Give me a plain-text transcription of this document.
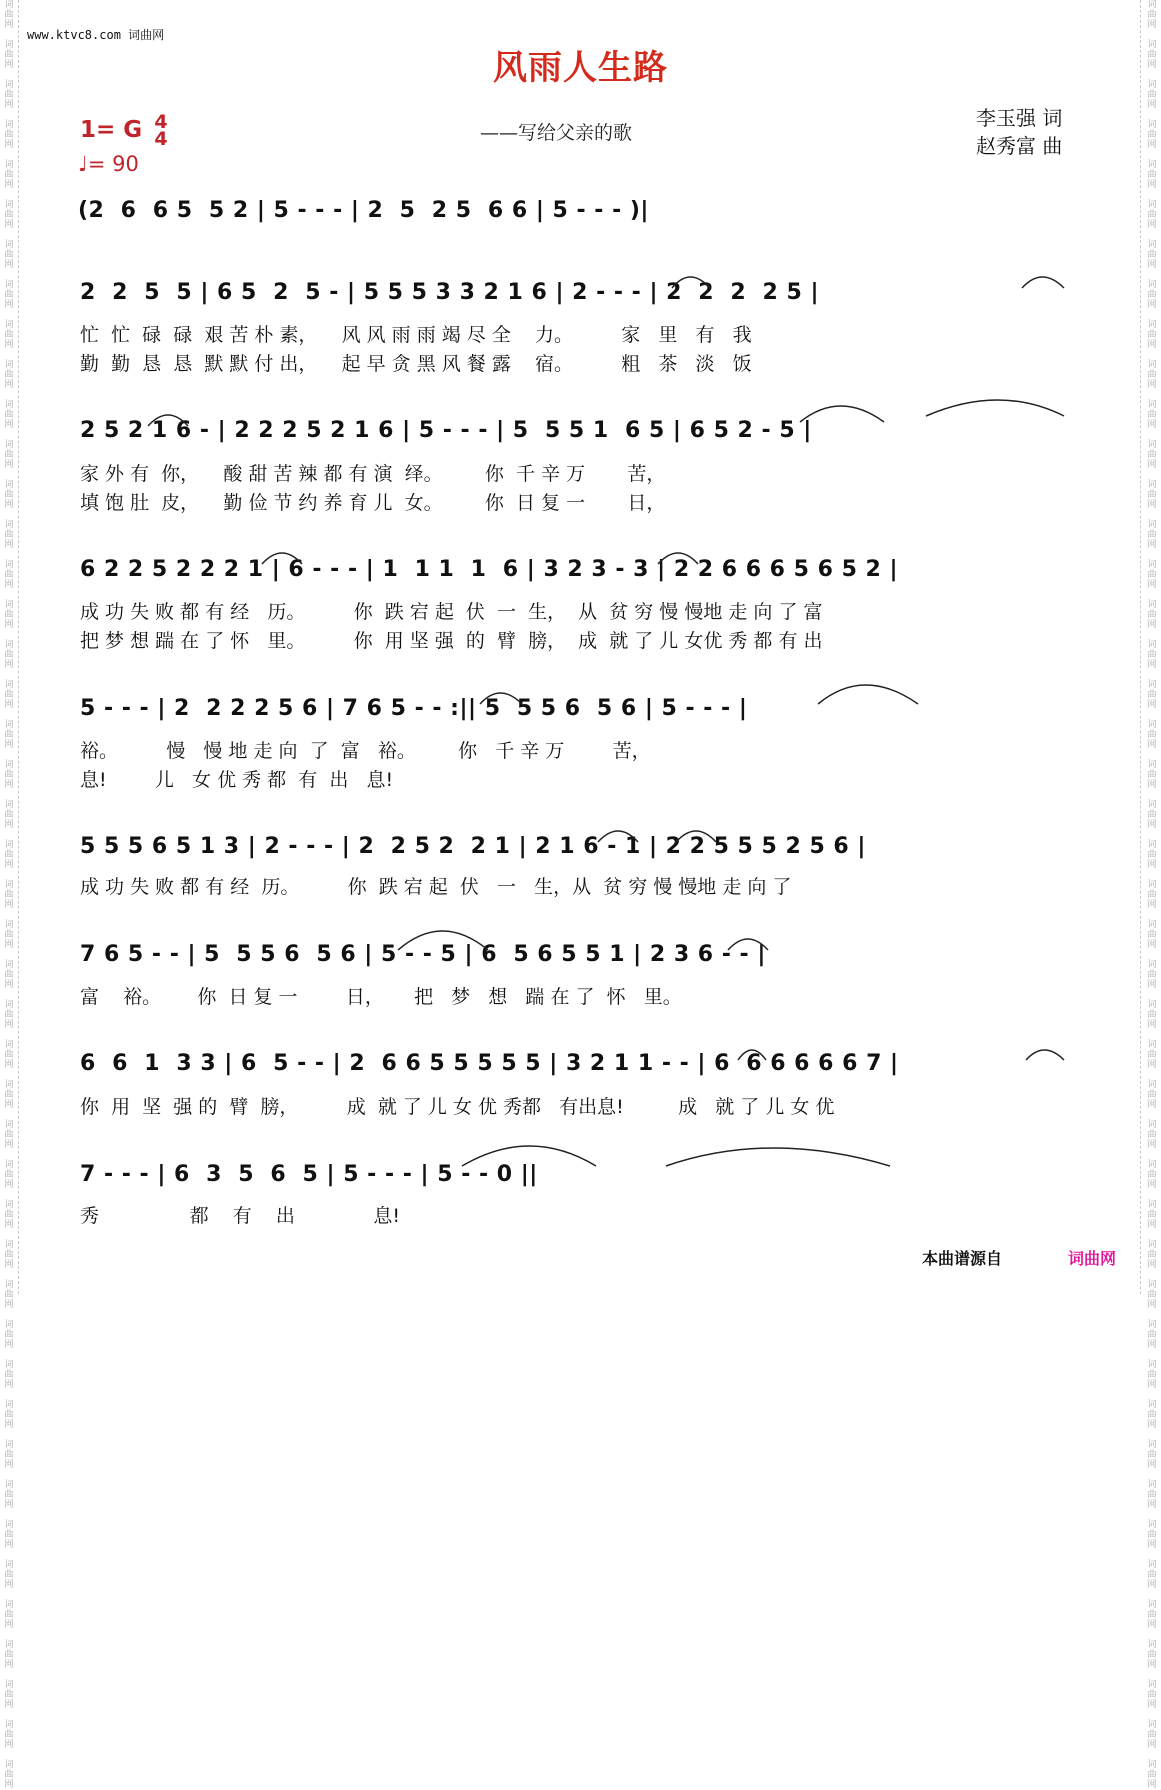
词
曲
网

词
曲
网

词
曲
网

词
曲
网

词
曲
网

词
曲
网

词
曲
网

词
曲
网

词
曲
网

词
曲
网

词
曲
网

词
曲
网

词
曲
网

词
曲
网

词
曲
网

词
曲
网

词
曲
网

词
曲
网

词
曲
网

词
曲
网

词
曲
网

词
曲
网

词
曲
网

词
曲
网

词
曲
网

词
曲
网

词
曲
网

词
曲
网

词
曲
网

词
曲
网

词
曲
网

词
曲
网

词
曲
网

词
曲
网

词
曲
网

词
曲
网

词
曲
网

词
曲
网

词
曲
网

词
曲
网

词
曲
网

词
曲
网

词
曲
网

词
曲
网

词
曲
网

词
曲
网

词
曲
网

词
曲
网

词
曲
网

词
曲
网

词
曲
网

词
曲
网

词
曲
网

词
曲
网

词
曲
网

词
曲
网

词
曲
网

词
曲
网

词
曲
网

词
曲
网

词
曲
网

词
曲
网

词
曲
网

词
曲
网

词
曲
网

词
曲
网

词
曲
网

词
曲
网

词
曲
网

词
曲
网

词
曲
网

词
曲
网

词
曲
网

词
曲
网

词
曲
网

词
曲
网

词
曲
网

词
曲
网

词
曲
网

词
曲
网

词
曲
网

词
曲
网

词
曲
网

词
曲
网

词
曲
网

词
曲
网

词
曲
网

词
曲
网

词
曲
网

词
曲
网

www.ktvc8.com 词曲网
风雨人生路
——写给父亲的歌
1= G 4
4
♩= 90
李玉强 词
赵秀富 曲
(2  6  6 5  5 2 | 5 - - - | 2  5  2 5  6 6 | 5 - - - )|
2  2  5  5 | 6 5  2  5 - | 5 5 5 3 3 2 1 6 | 2 - - - | 2  2  2  2 5 |
忙  忙  碌  碌  艰 苦 朴 素，    风 风 雨 雨 竭 尽 全    力。        家   里   有   我
勤  勤  恳  恳  默 默 付 出，    起 早 贪 黑 风 餐 露    宿。        粗   茶   淡   饭
2 5 2 1 6 - | 2 2 2 5 2 1 6 | 5 - - - | 5  5 5 1  6 5 | 6 5 2 - 5 |
家 外 有  你，    酸 甜 苦 辣 都 有 演  绎。       你  千 辛 万       苦，
填 饱 肚  皮，    勤 俭 节 约 养 育 儿  女。       你  日 复 一       日，
6 2 2 5 2 2 2 1 | 6 - - - | 1  1 1  1  6 | 3 2 3 - 3 | 2 2 6 6 6 5 6 5 2 |
成 功 失 败 都 有 经   历。        你  跌 宕 起  伏  一  生，  从  贫 穷 慢 慢地 走 向 了 富
把 梦 想 踹 在 了 怀   里。        你  用 坚 强  的  臂  膀，  成  就 了 儿 女优 秀 都 有 出
5 - - - | 2  2 2 2 5 6 | 7 6 5 - - :|| 5  5 5 6  5 6 | 5 - - - |
裕。        慢   慢 地 走 向  了  富   裕。       你   千 辛 万        苦，
息!        儿   女 优 秀 都  有  出   息!
5 5 5 6 5 1 3 | 2 - - - | 2  2 5 2  2 1 | 2 1 6 - 1 | 2 2 5 5 5 2 5 6 |
成 功 失 败 都 有 经  历。        你  跌 宕 起  伏   一   生，从  贫 穷 慢 慢地 走 向 了
7 6 5 - - | 5  5 5 6  5 6 | 5 - - 5 | 6  5 6 5 5 1 | 2 3 6 - - |
富    裕。      你  日 复 一        日，     把   梦   想   踹 在 了  怀   里。
6  6  1  3 3 | 6  5 - - | 2  6 6 5 5 5 5 5 | 3 2 1 1 - - | 6  6 6 6 6 6 7 |
你  用  坚  强 的  臂  膀，        成  就 了 儿 女 优 秀都   有出息!         成   就 了 儿 女 优
7 - - - | 6  3  5  6  5 | 5 - - - | 5 - - 0 ||
秀               都    有    出             息!
本曲谱源自	词曲网
